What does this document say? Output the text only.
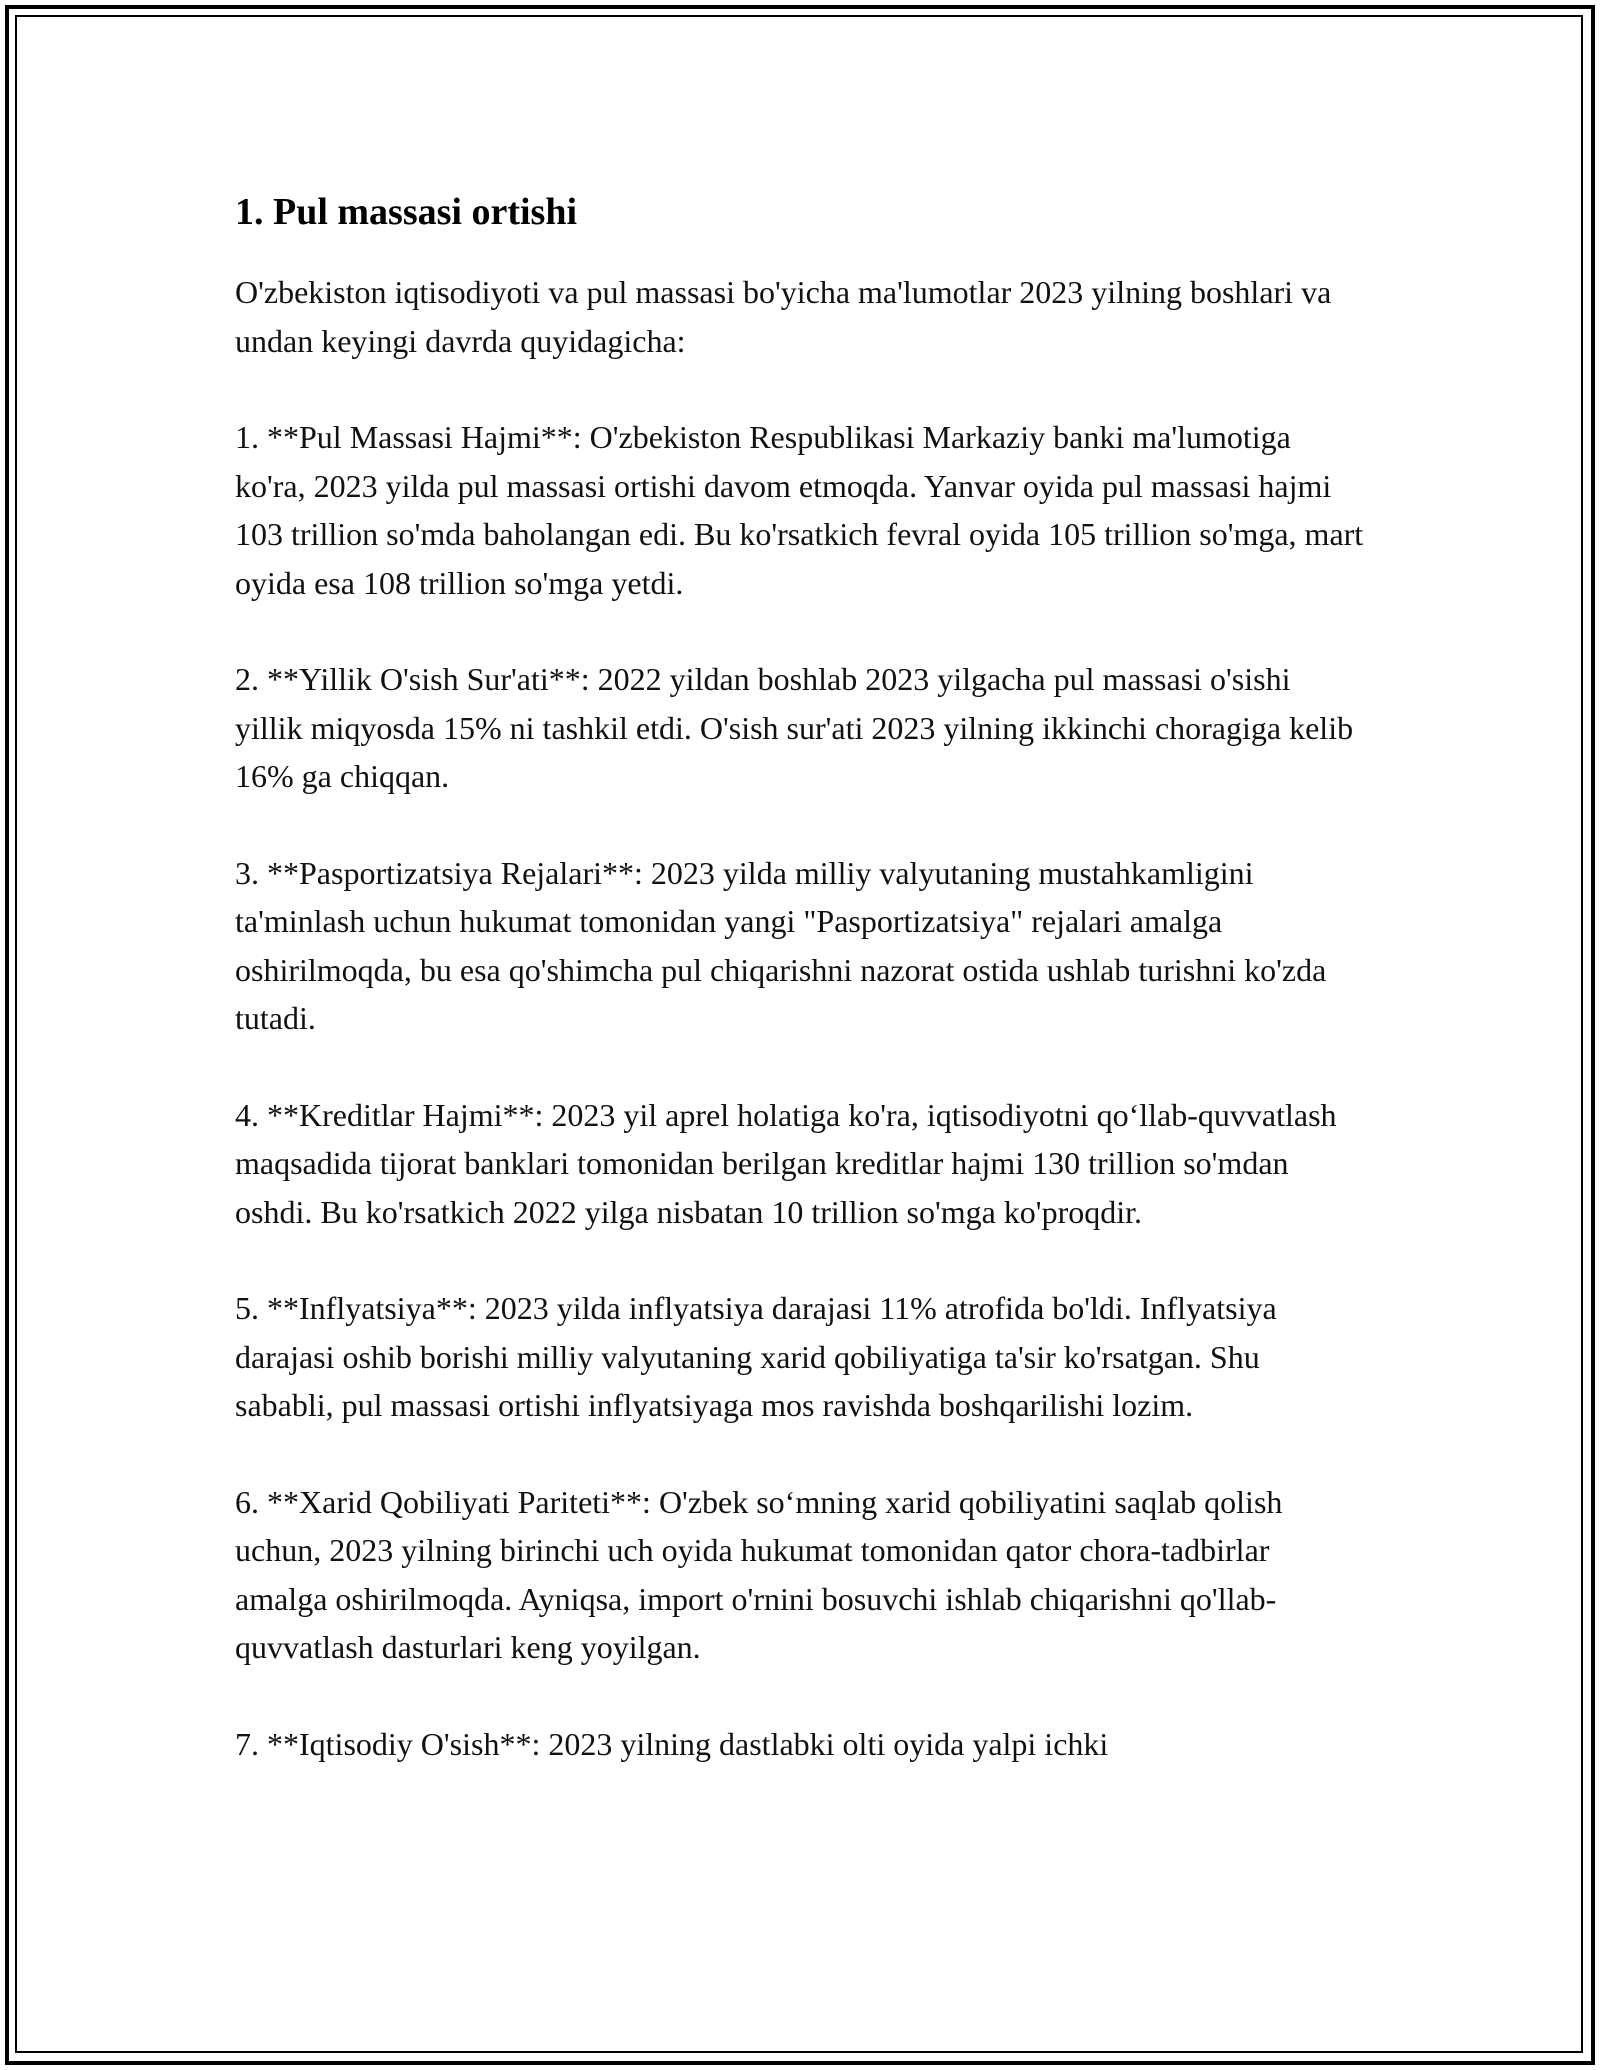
1. Pul massasi ortishi

O'zbekiston iqtisodiyoti va pul massasi bo'yicha ma'lumotlar 2023 yilning boshlari va undan keyingi davrda quyidagicha:

1. **Pul Massasi Hajmi**: O'zbekiston Respublikasi Markaziy banki ma'lumotiga ko'ra, 2023 yilda pul massasi ortishi davom etmoqda. Yanvar oyida pul massasi hajmi 103 trillion so'mda baholangan edi. Bu ko'rsatkich fevral oyida 105 trillion so'mga, mart oyida esa 108 trillion so'mga yetdi.

2. **Yillik O'sish Sur'ati**: 2022 yildan boshlab 2023 yilgacha pul massasi o'sishi yillik miqyosda 15% ni tashkil etdi. O'sish sur'ati 2023 yilning ikkinchi choragiga kelib 16% ga chiqqan.

3. **Pasportizatsiya Rejalari**: 2023 yilda milliy valyutaning mustahkamligini ta'minlash uchun hukumat tomonidan yangi "Pasportizatsiya" rejalari amalga oshirilmoqda, bu esa qo'shimcha pul chiqarishni nazorat ostida ushlab turishni ko'zda tutadi.

4. **Kreditlar Hajmi**: 2023 yil aprel holatiga ko'ra, iqtisodiyotni qo‘llab-quvvatlash maqsadida tijorat banklari tomonidan berilgan kreditlar hajmi 130 trillion so'mdan oshdi. Bu ko'rsatkich 2022 yilga nisbatan 10 trillion so'mga ko'proqdir.

5. **Inflyatsiya**: 2023 yilda inflyatsiya darajasi 11% atrofida bo'ldi. Inflyatsiya darajasi oshib borishi milliy valyutaning xarid qobiliyatiga ta'sir ko'rsatgan. Shu sababli, pul massasi ortishi inflyatsiyaga mos ravishda boshqarilishi lozim.

6. **Xarid Qobiliyati Pariteti**: O'zbek so‘mning xarid qobiliyatini saqlab qolish uchun, 2023 yilning birinchi uch oyida hukumat tomonidan qator chora-tadbirlar amalga oshirilmoqda. Ayniqsa, import o'rnini bosuvchi ishlab chiqarishni qo'llab-quvvatlash dasturlari keng yoyilgan.

7. **Iqtisodiy O'sish**: 2023 yilning dastlabki olti oyida yalpi ichki
